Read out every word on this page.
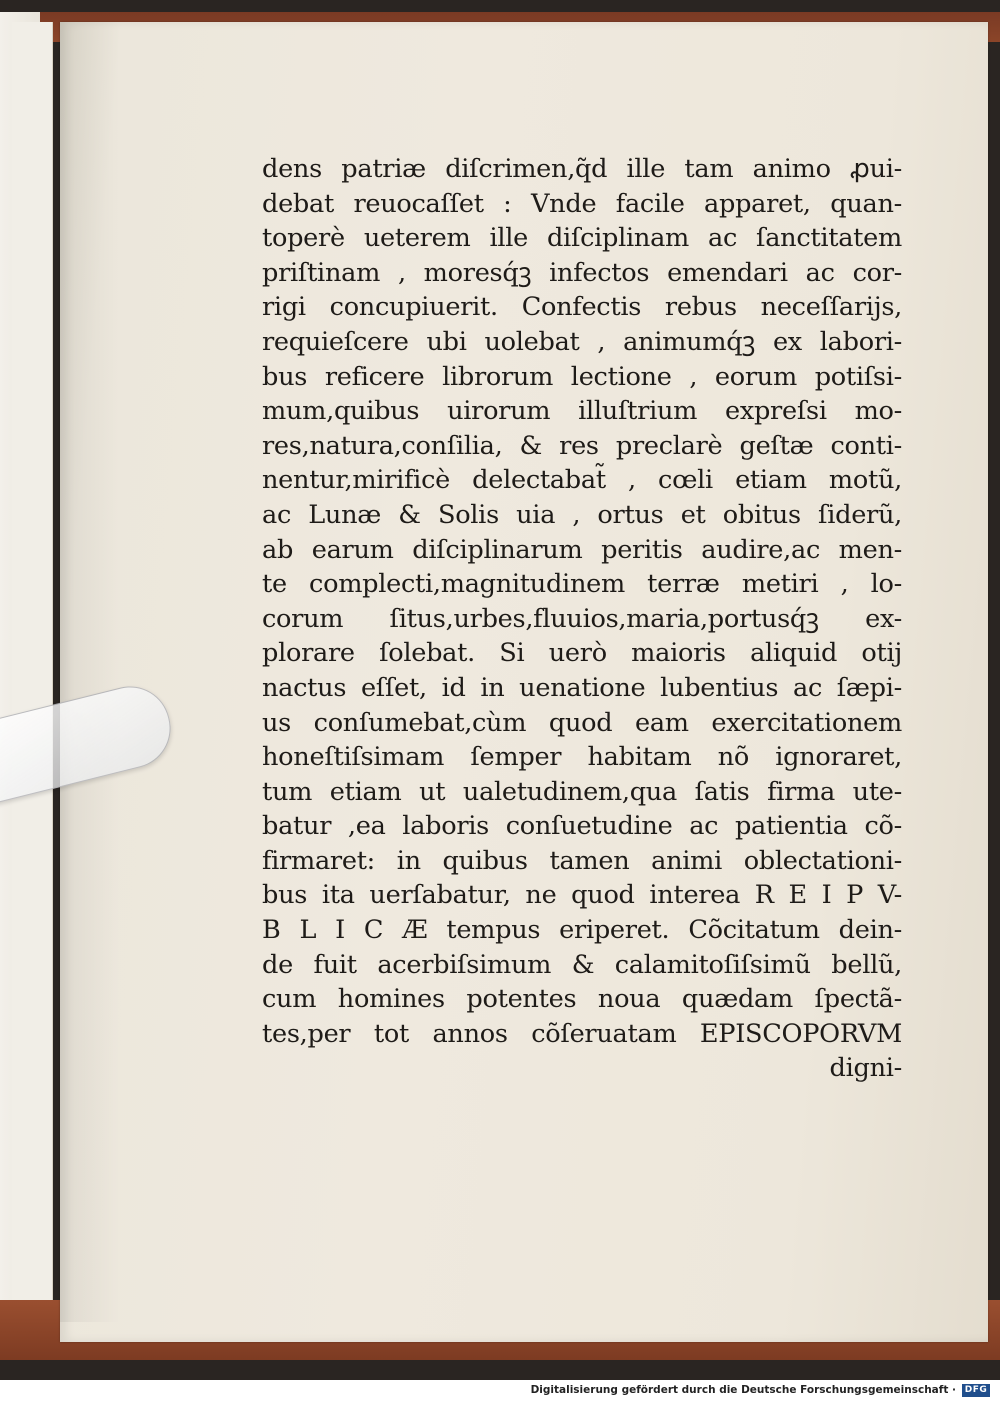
dens patriæ diſcrimen,q̃d ille tam animo ꝓui-
debat reuocaſſet : Vnde facile apparet, quan-
toperè ueterem ille diſciplinam ac ſanctitatem
priſtinam , moresq́ꝫ infectos emendari ac cor-
rigi concupiuerit. Confectis rebus neceſſarijs,
requieſcere ubi uolebat , animumq́ꝫ ex labori-
bus reficere librorum lectione , eorum potiſsi-
mum,quibus uirorum illuſtrium expreſsi mo-
res,natura,conſilia, & res preclarè geſtæ conti-
nentur,mirificè delectabat̃ , cœli etiam motũ,
ac Lunæ & Solis uia , ortus et obitus ſiderũ,
ab earum diſciplinarum peritis audire,ac men-
te complecti,magnitudinem terræ metiri , lo-
corum ſitus,urbes,fluuios,maria,portusq́ꝫ ex-
plorare ſolebat. Si uerò maioris aliquid otij
nactus eſſet, id in uenatione lubentius ac ſæpi-
us conſumebat,cùm quod eam exercitationem
honeſtiſsimam ſemper habitam nõ ignoraret,
tum etiam ut ualetudinem,qua ſatis firma ute-
batur ,ea laboris conſuetudine ac patientia cõ-
firmaret: in quibus tamen animi oblectationi-
bus ita uerſabatur, ne quod interea R E I P V-
B L I C Æ tempus eriperet. Cõcitatum dein-
de fuit acerbiſsimum & calamitoſiſsimũ bellũ,
cum homines potentes noua quædam ſpectã-
tes,per tot annos cõſeruatam EPISCOPORVM
digni-
Digitalisierung gefördert durch die Deutsche Forschungsgemeinschaft · DFG
